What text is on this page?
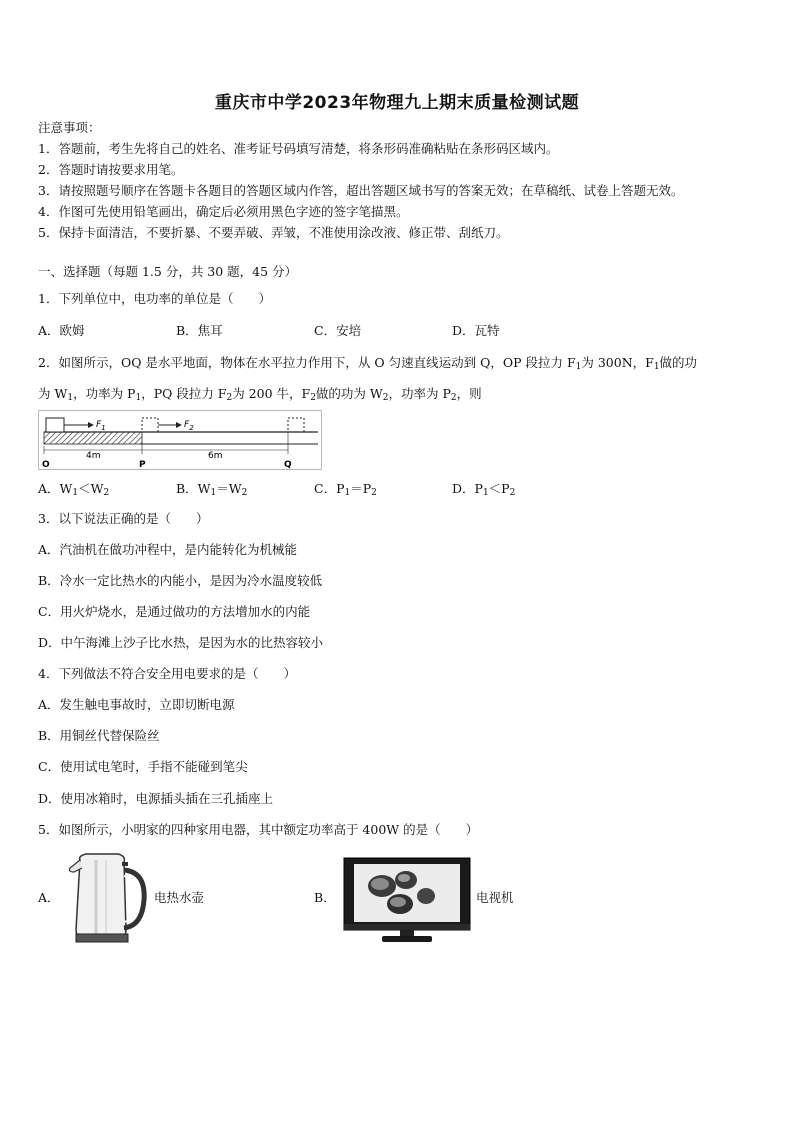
重庆市中学2023年物理九上期末质量检测试题
注意事项：
1．答题前，考生先将自己的姓名、准考证号码填写清楚，将条形码准确粘贴在条形码区域内。
2．答题时请按要求用笔。
3．请按照题号顺序在答题卡各题目的答题区域内作答，超出答题区域书写的答案无效；在草稿纸、试卷上答题无效。
4．作图可先使用铅笔画出，确定后必须用黑色字迹的签字笔描黑。
5．保持卡面清洁，不要折暴、不要弄破、弄皱，不准使用涂改液、修正带、刮纸刀。
一、选择题（每题 1.5 分，共 30 题，45 分）
1．下列单位中，电功率的单位是（　　）
A．欧姆	B．焦耳	C．安培	D．瓦特
2．如图所示，OQ 是水平地面，物体在水平拉力作用下，从 O 匀速直线运动到 Q，OP 段拉力 $F_1$为 300N，$F_1$做的功
为 $W_1$，功率为 $P_1$，PQ 段拉力 $F_2$为 200 牛，$F_2$做的功为 $W_2$，功率为 $P_2$，则
$F_1$	$F_2$
4m	6m
O	P	Q
A．$W_1<W_2$	B．$W_1=W_2$	C．$P_1=P_2$	D．$P_1<P_2$
3．以下说法正确的是（　　）
A．汽油机在做功冲程中，是内能转化为机械能
B．冷水一定比热水的内能小，是因为冷水温度较低
C．用火炉烧水，是通过做功的方法增加水的内能
D．中午海滩上沙子比水热，是因为水的比热容较小
4．下列做法不符合安全用电要求的是（　　）
A．发生触电事故时，立即切断电源
B．用铜丝代替保险丝
C．使用试电笔时，手指不能碰到笔尖
D．使用冰箱时，电源插头插在三孔插座上
5．如图所示，小明家的四种家用电器，其中额定功率高于 400W 的是（　　）
A．	电热水壶	B．	电视机
